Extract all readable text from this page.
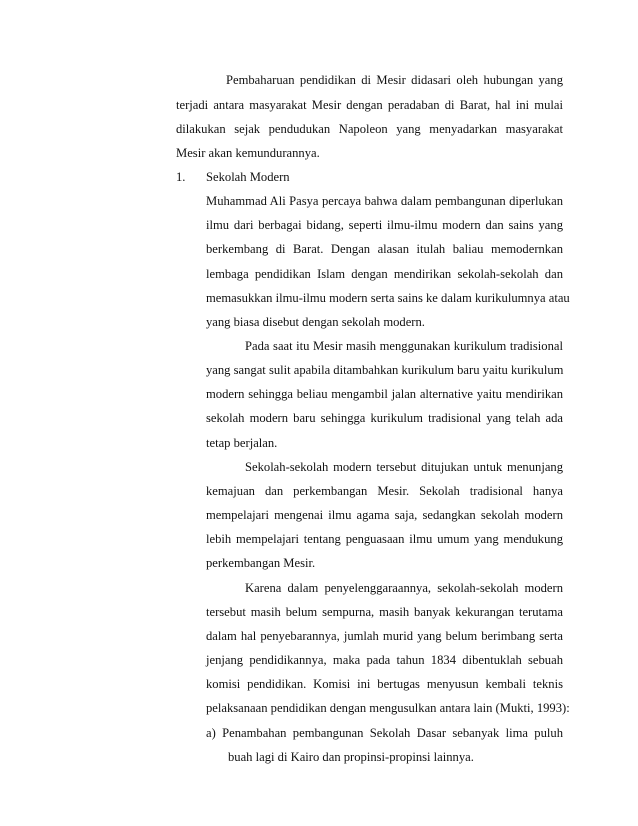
Pembaharuan pendidikan di Mesir didasari oleh hubungan yang
terjadi antara masyarakat Mesir dengan peradaban di Barat, hal ini mulai
dilakukan sejak pendudukan Napoleon yang menyadarkan masyarakat
Mesir akan kemundurannya.
1. Sekolah Modern
Muhammad Ali Pasya percaya bahwa dalam pembangunan diperlukan
ilmu dari berbagai bidang, seperti ilmu-ilmu modern dan sains yang
berkembang di Barat. Dengan alasan itulah baliau memodernkan
lembaga pendidikan Islam dengan mendirikan sekolah-sekolah dan
memasukkan ilmu-ilmu modern serta sains ke dalam kurikulumnya atau
yang biasa disebut dengan sekolah modern.
Pada saat itu Mesir masih menggunakan kurikulum tradisional
yang sangat sulit apabila ditambahkan kurikulum baru yaitu kurikulum
modern sehingga beliau mengambil jalan alternative yaitu mendirikan
sekolah modern baru sehingga kurikulum tradisional yang telah ada
tetap berjalan.
Sekolah-sekolah modern tersebut ditujukan untuk menunjang
kemajuan dan perkembangan Mesir. Sekolah tradisional hanya
mempelajari mengenai ilmu agama saja, sedangkan sekolah modern
lebih mempelajari tentang penguasaan ilmu umum yang mendukung
perkembangan Mesir.
Karena dalam penyelenggaraannya, sekolah-sekolah modern
tersebut masih belum sempurna, masih banyak kekurangan terutama
dalam hal penyebarannya, jumlah murid yang belum berimbang serta
jenjang pendidikannya, maka pada tahun 1834 dibentuklah sebuah
komisi pendidikan. Komisi ini bertugas menyusun kembali teknis
pelaksanaan pendidikan dengan mengusulkan antara lain (Mukti, 1993):
a) Penambahan pembangunan Sekolah Dasar sebanyak lima puluh
buah lagi di Kairo dan propinsi-propinsi lainnya.
